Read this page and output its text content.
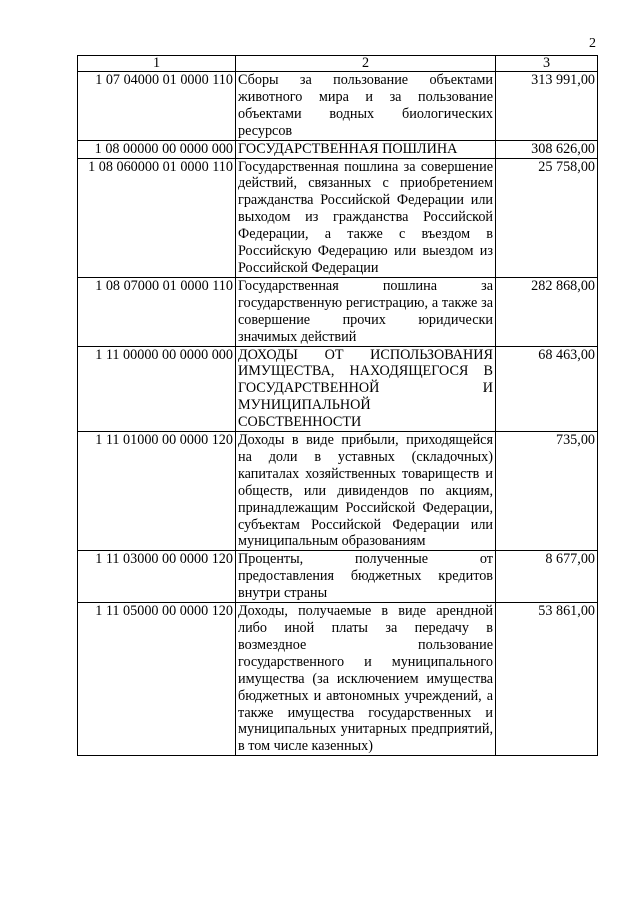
2
1	2	3
1 07 04000 01 0000 110	Сборы за пользование объектами животного мира и за пользование объектами водных биологических ресурсов	313 991,00
1 08 00000 00 0000 000	ГОСУДАРСТВЕННАЯ ПОШЛИНА	308 626,00
1 08 060000 01 0000 110	Государственная пошлина за совершение действий, связанных с приобретением гражданства Российской Федерации или выходом из гражданства Российской Федерации, а также с въездом в Российскую Федерацию или выездом из Российской Федерации	25 758,00
1 08 07000 01 0000 110	Государственная пошлина за государственную регистрацию, а также за совершение прочих юридически значимых действий	282 868,00
1 11 00000 00 0000 000	ДОХОДЫ ОТ ИСПОЛЬЗОВАНИЯ ИМУЩЕСТВА, НАХОДЯЩЕГОСЯ В ГОСУДАРСТВЕННОЙ И МУНИЦИПАЛЬНОЙ СОБСТВЕННОСТИ	68 463,00
1 11 01000 00 0000 120	Доходы в виде прибыли, приходящейся на доли в уставных (складочных) капиталах хозяйственных товариществ и обществ, или дивидендов по акциям, принадлежащим Российской Федерации, субъектам Российской Федерации или муниципальным образованиям	735,00
1 11 03000 00 0000 120	Проценты, полученные от предоставления бюджетных кредитов внутри страны	8 677,00
1 11 05000 00 0000 120	Доходы, получаемые в виде арендной либо иной платы за передачу в возмездное пользование государственного и муниципального имущества (за исключением имущества бюджетных и автономных учреждений, а также имущества государственных и муниципальных унитарных предприятий, в том числе казенных)	53 861,00
